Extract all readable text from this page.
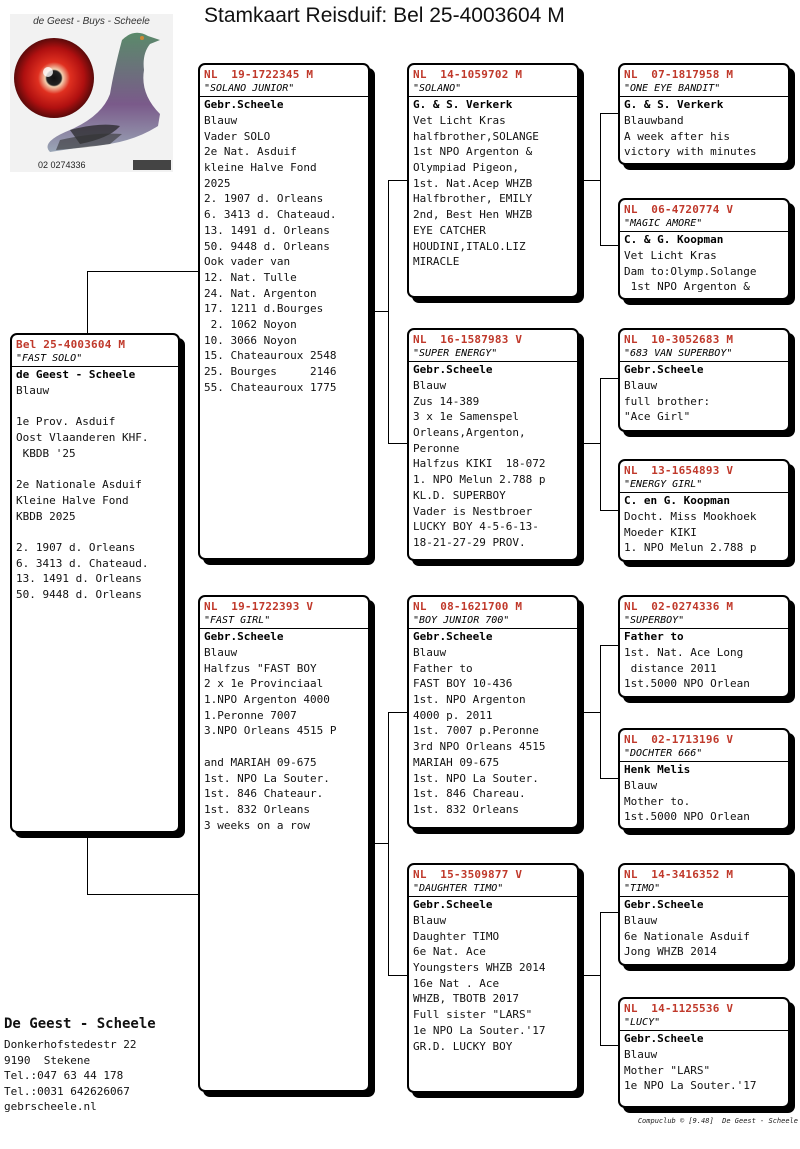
Stamkaart Reisduif: Bel 25-4003604 M
de Geest - Buys - Scheele
02 0274336
Bel 25-4003604 M
"FAST SOLO"
de Geest - Scheele
Blauw
1e Prov. Asduif
Oost Vlaanderen KHF.
KBDB '25
2e Nationale Asduif
Kleine Halve Fond
KBDB 2025
2. 1907 d. Orleans
6. 3413 d. Chateaud.
13. 1491 d. Orleans
50. 9448 d. Orleans
NL  19-1722345 M
"SOLANO JUNIOR"
Gebr.Scheele
Blauw
Vader SOLO
2e Nat. Asduif
kleine Halve Fond
2025
2. 1907 d. Orleans
6. 3413 d. Chateaud.
13. 1491 d. Orleans
50. 9448 d. Orleans
Ook vader van
12. Nat. Tulle
24. Nat. Argenton
17. 1211 d.Bourges
2. 1062 Noyon
10. 3066 Noyon
15. Chateauroux 2548
25. Bourges     2146
55. Chateauroux 1775
NL  19-1722393 V
"FAST GIRL"
Gebr.Scheele
Blauw
Halfzus "FAST BOY
2 x 1e Provinciaal
1.NPO Argenton 4000
1.Peronne 7007
3.NPO Orleans 4515 P
and MARIAH 09-675
1st. NPO La Souter.
1st. 846 Chateaur.
1st. 832 Orleans
3 weeks on a row
NL  14-1059702 M
"SOLANO"
G. & S. Verkerk
Vet Licht Kras
halfbrother,SOLANGE
1st NPO Argenton &
Olympiad Pigeon,
1st. Nat.Acep WHZB
Halfbrother, EMILY
2nd, Best Hen WHZB
EYE CATCHER
HOUDINI,ITALO.LIZ
MIRACLE
NL  16-1587983 V
"SUPER ENERGY"
Gebr.Scheele
Blauw
Zus 14-389
3 x 1e Samenspel
Orleans,Argenton,
Peronne
Halfzus KIKI  18-072
1. NPO Melun 2.788 p
KL.D. SUPERBOY
Vader is Nestbroer
LUCKY BOY 4-5-6-13-
18-21-27-29 PROV.
NL  08-1621700 M
"BOY JUNIOR 700"
Gebr.Scheele
Blauw
Father to
FAST BOY 10-436
1st. NPO Argenton
4000 p. 2011
1st. 7007 p.Peronne
3rd NPO Orleans 4515
MARIAH 09-675
1st. NPO La Souter.
1st. 846 Chareau.
1st. 832 Orleans
NL  15-3509877 V
"DAUGHTER TIMO"
Gebr.Scheele
Blauw
Daughter TIMO
6e Nat. Ace
Youngsters WHZB 2014
16e Nat . Ace
WHZB, TBOTB 2017
Full sister "LARS"
1e NPO La Souter.'17
GR.D. LUCKY BOY
NL  07-1817958 M
"ONE EYE BANDIT"
G. & S. Verkerk
Blauwband
A week after his
victory with minutes
NL  06-4720774 V
"MAGIC AMORE"
C. & G. Koopman
Vet Licht Kras
Dam to:Olymp.Solange
1st NPO Argenton &
NL  10-3052683 M
"683 VAN SUPERBOY"
Gebr.Scheele
Blauw
full brother:
"Ace Girl"
NL  13-1654893 V
"ENERGY GIRL"
C. en G. Koopman
Docht. Miss Mookhoek
Moeder KIKI
1. NPO Melun 2.788 p
NL  02-0274336 M
"SUPERBOY"
Father to
1st. Nat. Ace Long
distance 2011
1st.5000 NPO Orlean
NL  02-1713196 V
"DOCHTER 666"
Henk Melis
Blauw
Mother to.
1st.5000 NPO Orlean
NL  14-3416352 M
"TIMO"
Gebr.Scheele
Blauw
6e Nationale Asduif
Jong WHZB 2014
NL  14-1125536 V
"LUCY"
Gebr.Scheele
Blauw
Mother "LARS"
1e NPO La Souter.'17
De Geest - Scheele
Donkerhofstedestr 22
9190  Stekene
Tel.:047 63 44 178
Tel.:0031 642626067
gebrscheele.nl
Compuclub © [9.48]  De Geest - Scheele
